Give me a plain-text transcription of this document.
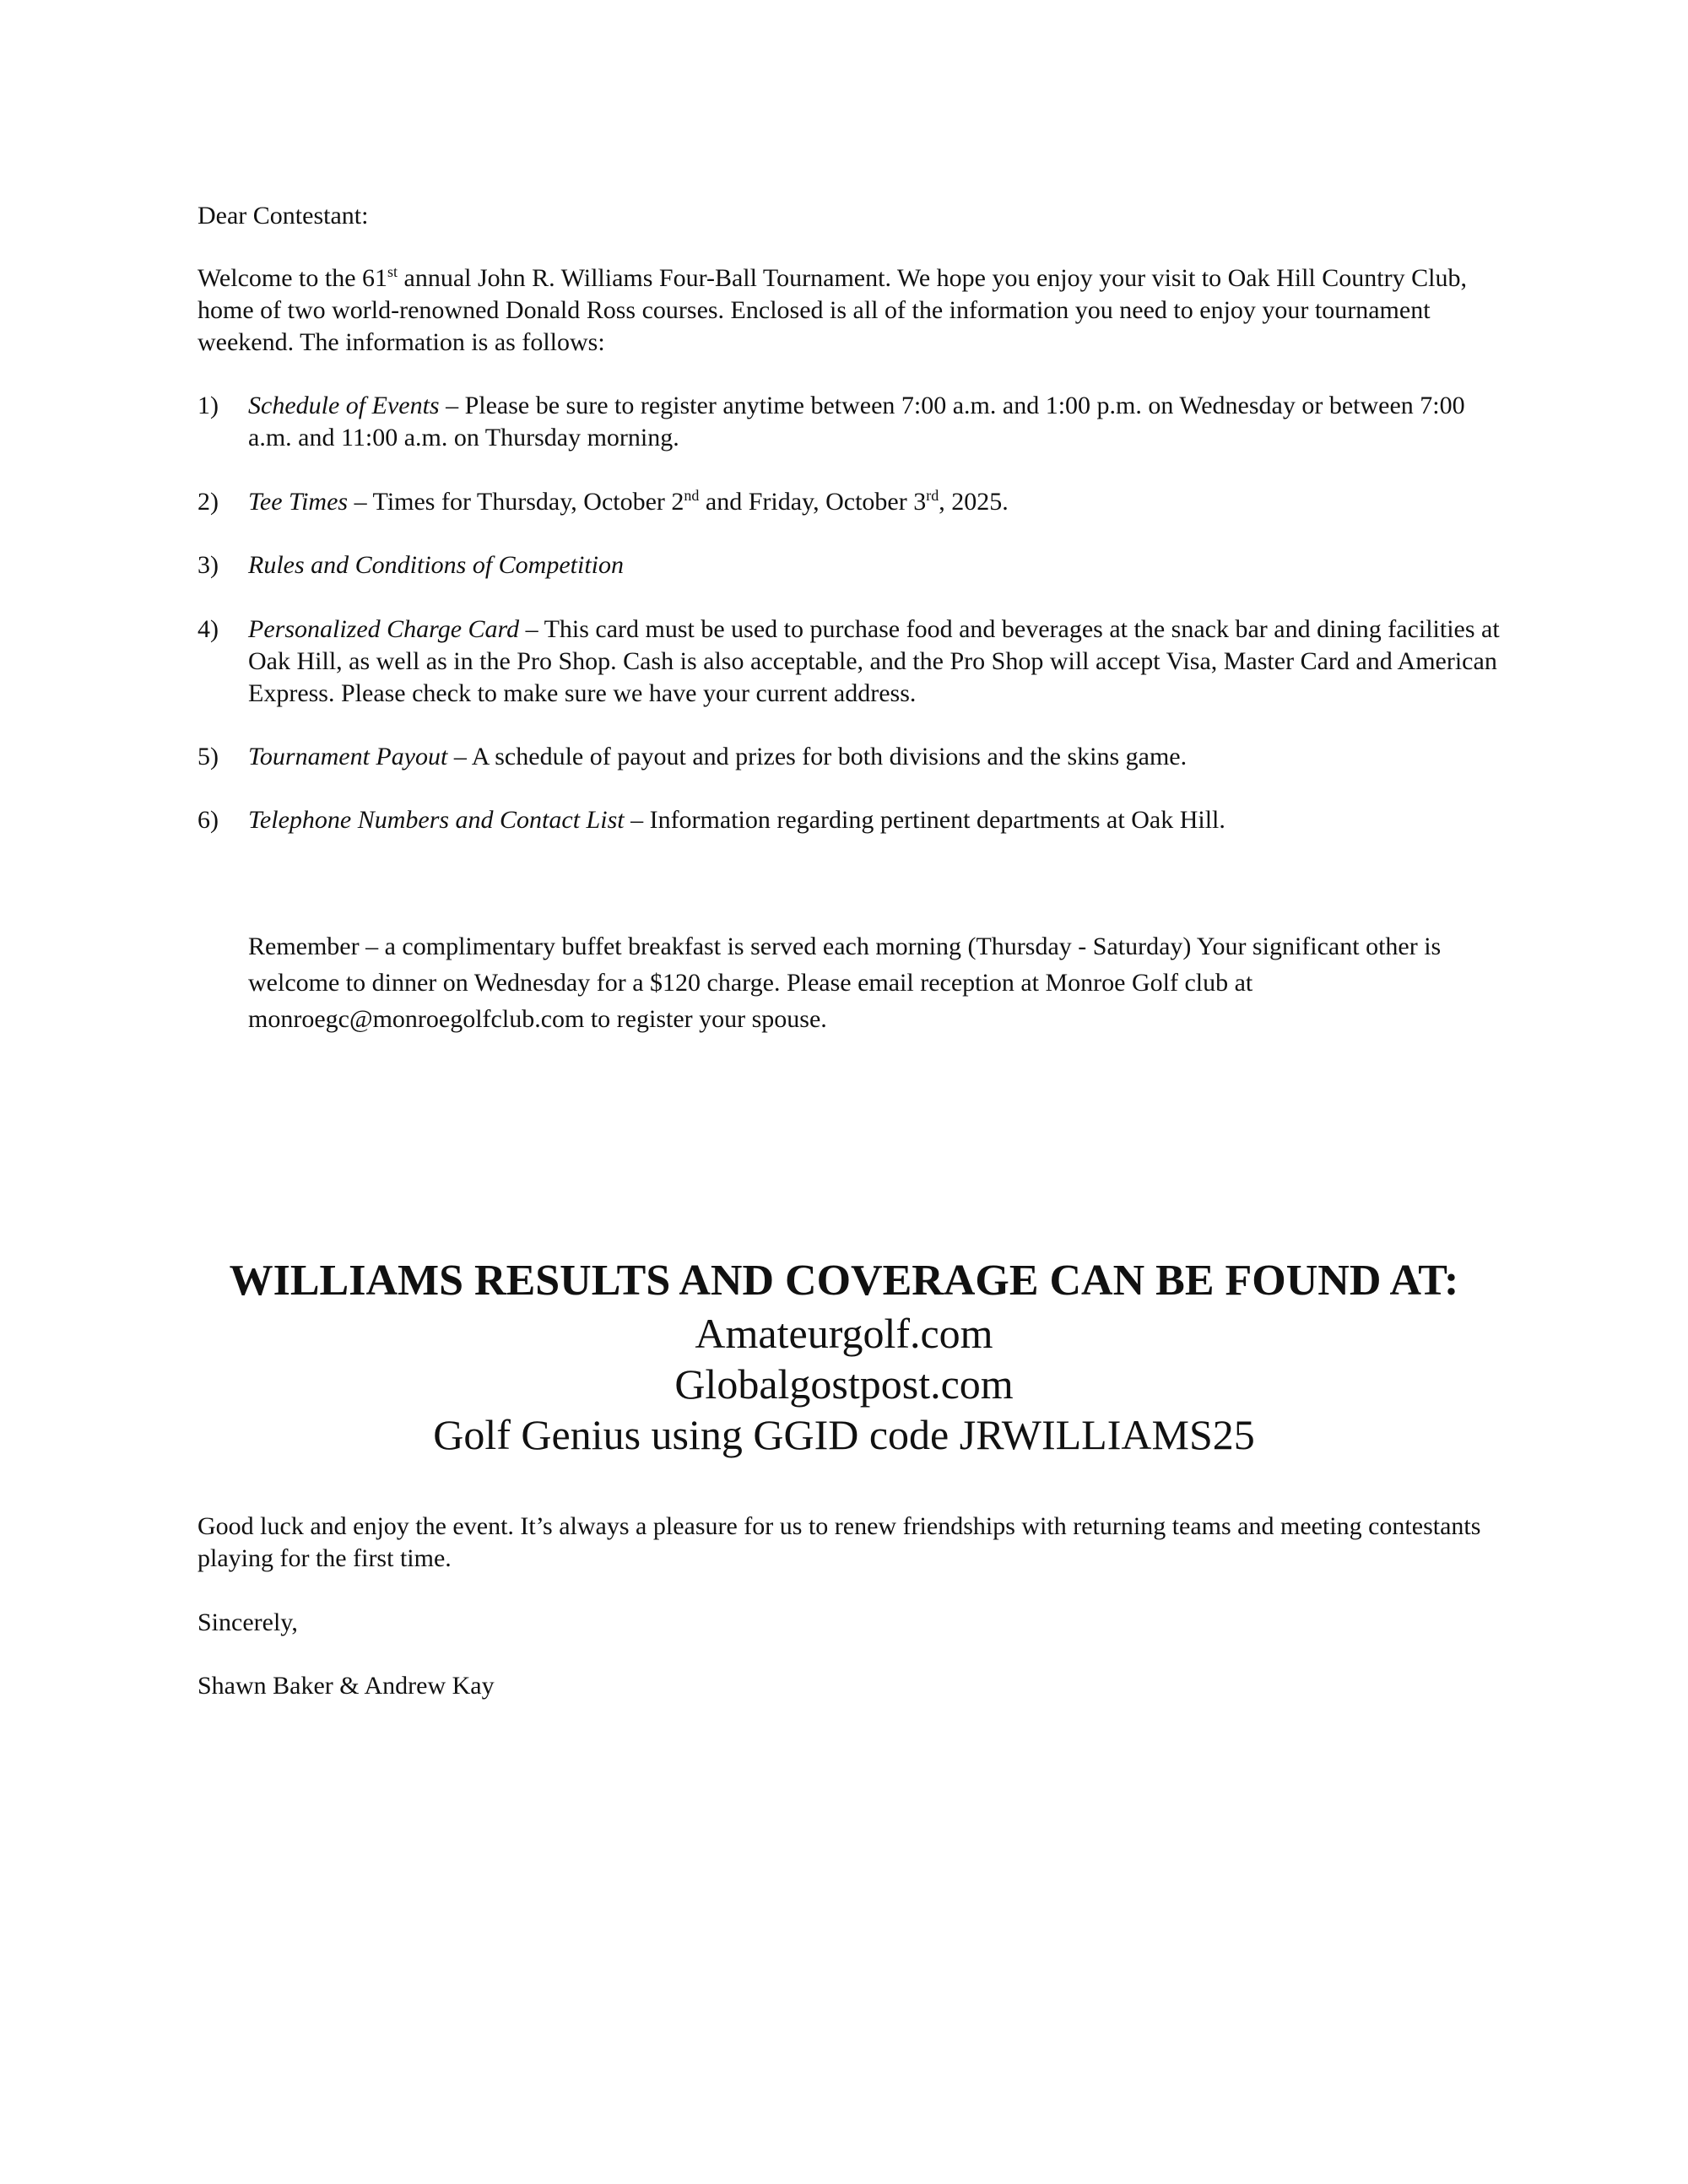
Dear Contestant:

Welcome to the 61st annual John R. Williams Four-Ball Tournament. We hope you enjoy your visit to Oak Hill Country Club, home of two world-renowned Donald Ross courses. Enclosed is all of the information you need to enjoy your tournament weekend. The information is as follows:

1) Schedule of Events – Please be sure to register anytime between 7:00 a.m. and 1:00 p.m. on Wednesday or between 7:00 a.m. and 11:00 a.m. on Thursday morning.
2) Tee Times – Times for Thursday, October 2nd and Friday, October 3rd, 2025.
3) Rules and Conditions of Competition
4) Personalized Charge Card – This card must be used to purchase food and beverages at the snack bar and dining facilities at Oak Hill, as well as in the Pro Shop. Cash is also acceptable, and the Pro Shop will accept Visa, Master Card and American Express. Please check to make sure we have your current address.
5) Tournament Payout – A schedule of payout and prizes for both divisions and the skins game.
6) Telephone Numbers and Contact List – Information regarding pertinent departments at Oak Hill.

Remember – a complimentary buffet breakfast is served each morning (Thursday - Saturday) Your significant other is welcome to dinner on Wednesday for a $120 charge. Please email reception at Monroe Golf club at monroegc@monroegolfclub.com to register your spouse.

WILLIAMS RESULTS AND COVERAGE CAN BE FOUND AT:
Amateurgolf.com
Globalgostpost.com
Golf Genius using GGID code JRWILLIAMS25

Good luck and enjoy the event. It’s always a pleasure for us to renew friendships with returning teams and meeting contestants playing for the first time.

Sincerely,

Shawn Baker & Andrew Kay
